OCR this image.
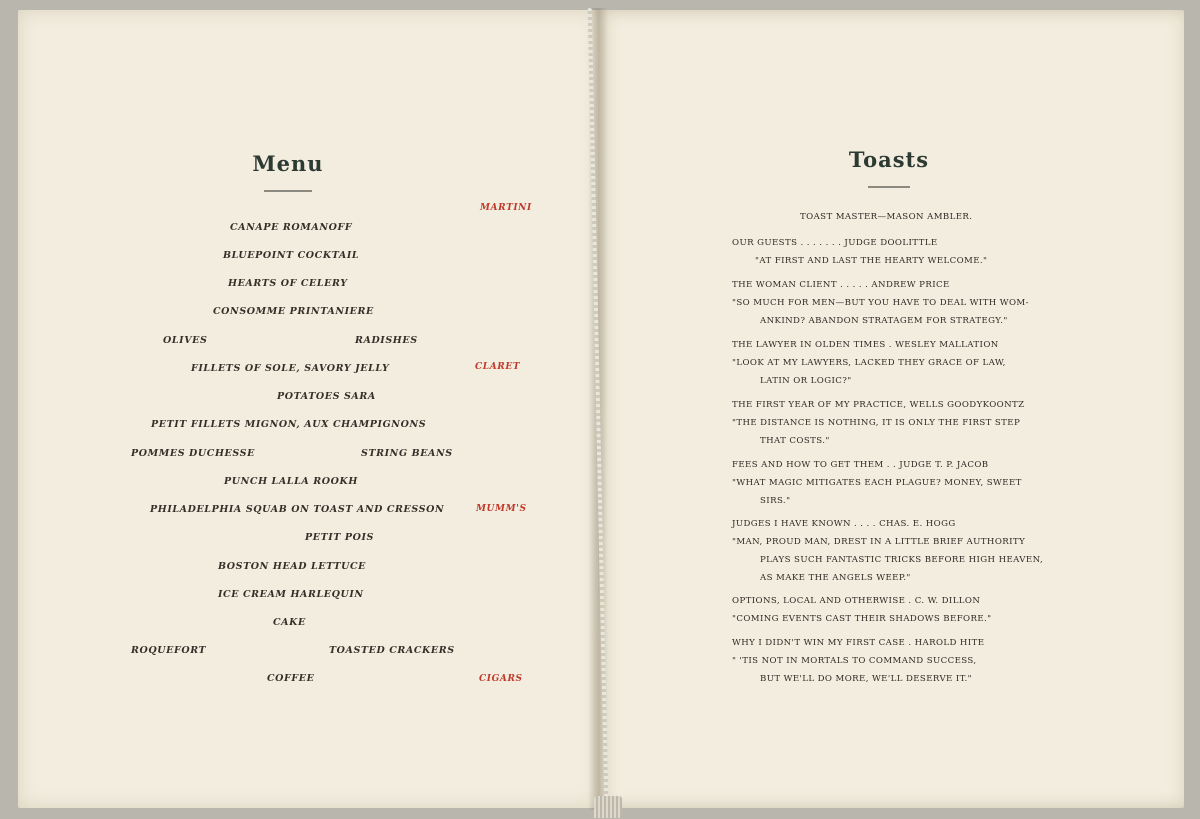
Menu
CANAPE ROMANOFF
BLUEPOINT COCKTAIL
HEARTS OF CELERY
CONSOMME PRINTANIERE
OLIVES	RADISHES
FILLETS OF SOLE, SAVORY JELLY
POTATOES SARA
PETIT FILLETS MIGNON, AUX CHAMPIGNONS
POMMES DUCHESSE	STRING BEANS
PUNCH LALLA ROOKH
PHILADELPHIA SQUAB ON TOAST AND CRESSON
PETIT POIS
BOSTON HEAD LETTUCE
ICE CREAM HARLEQUIN
CAKE
ROQUEFORT	TOASTED CRACKERS
COFFEE
MARTINI
CLARET
MUMM'S
CIGARS
Toasts
TOAST MASTER—MASON AMBLER.
OUR GUESTS . . . . . . . JUDGE DOOLITTLE
"AT FIRST AND LAST THE HEARTY WELCOME."
THE WOMAN CLIENT . . . . . ANDREW PRICE
"SO MUCH FOR MEN—BUT YOU HAVE TO DEAL WITH WOM-
ANKIND? ABANDON STRATAGEM FOR STRATEGY."
THE LAWYER IN OLDEN TIMES . WESLEY MALLATION
"LOOK AT MY LAWYERS, LACKED THEY GRACE OF LAW,
LATIN OR LOGIC?"
THE FIRST YEAR OF MY PRACTICE, WELLS GOODYKOONTZ
"THE DISTANCE IS NOTHING, IT IS ONLY THE FIRST STEP
THAT COSTS."
FEES AND HOW TO GET THEM . . JUDGE T. P. JACOB
"WHAT MAGIC MITIGATES EACH PLAGUE? MONEY, SWEET
SIRS."
JUDGES I HAVE KNOWN . . . . CHAS. E. HOGG
"MAN, PROUD MAN, DREST IN A LITTLE BRIEF AUTHORITY
PLAYS SUCH FANTASTIC TRICKS BEFORE HIGH HEAVEN,
AS MAKE THE ANGELS WEEP."
OPTIONS, LOCAL AND OTHERWISE . C. W. DILLON
"COMING EVENTS CAST THEIR SHADOWS BEFORE."
WHY I DIDN'T WIN MY FIRST CASE . HAROLD HITE
" 'TIS NOT IN MORTALS TO COMMAND SUCCESS,
BUT WE'LL DO MORE, WE'LL DESERVE IT."
